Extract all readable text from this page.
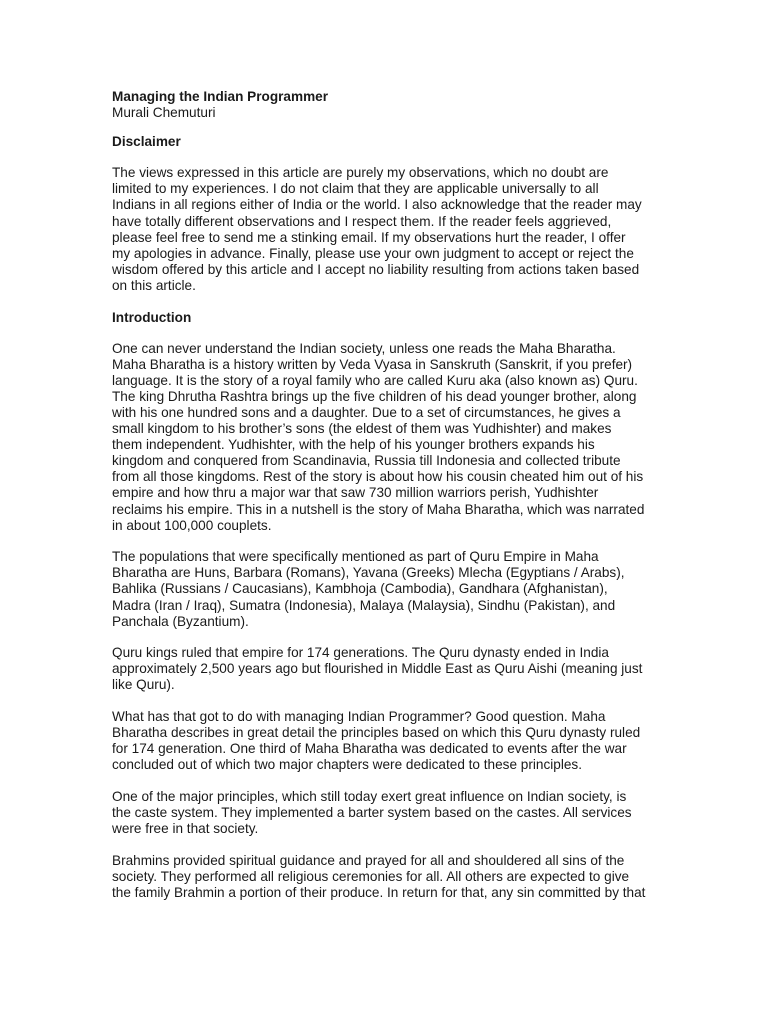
Managing the Indian Programmer
Murali Chemuturi
Disclaimer
The views expressed in this article are purely my observations, which no doubt are
limited to my experiences. I do not claim that they are applicable universally to all
Indians in all regions either of India or the world. I also acknowledge that the reader may
have totally different observations and I respect them. If the reader feels aggrieved,
please feel free to send me a stinking email. If my observations hurt the reader, I offer
my apologies in advance. Finally, please use your own judgment to accept or reject the
wisdom offered by this article and I accept no liability resulting from actions taken based
on this article.
Introduction
One can never understand the Indian society, unless one reads the Maha Bharatha.
Maha Bharatha is a history written by Veda Vyasa in Sanskruth (Sanskrit, if you prefer)
language. It is the story of a royal family who are called Kuru aka (also known as) Quru.
The king Dhrutha Rashtra brings up the five children of his dead younger brother, along
with his one hundred sons and a daughter. Due to a set of circumstances, he gives a
small kingdom to his brother’s sons (the eldest of them was Yudhishter) and makes
them independent. Yudhishter, with the help of his younger brothers expands his
kingdom and conquered from Scandinavia, Russia till Indonesia and collected tribute
from all those kingdoms. Rest of the story is about how his cousin cheated him out of his
empire and how thru a major war that saw 730 million warriors perish, Yudhishter
reclaims his empire. This in a nutshell is the story of Maha Bharatha, which was narrated
in about 100,000 couplets.
The populations that were specifically mentioned as part of Quru Empire in Maha
Bharatha are Huns, Barbara (Romans), Yavana (Greeks) Mlecha (Egyptians / Arabs),
Bahlika (Russians / Caucasians), Kambhoja (Cambodia), Gandhara (Afghanistan),
Madra (Iran / Iraq), Sumatra (Indonesia), Malaya (Malaysia), Sindhu (Pakistan), and
Panchala (Byzantium).
Quru kings ruled that empire for 174 generations. The Quru dynasty ended in India
approximately 2,500 years ago but flourished in Middle East as Quru Aishi (meaning just
like Quru).
What has that got to do with managing Indian Programmer? Good question. Maha
Bharatha describes in great detail the principles based on which this Quru dynasty ruled
for 174 generation. One third of Maha Bharatha was dedicated to events after the war
concluded out of which two major chapters were dedicated to these principles.
One of the major principles, which still today exert great influence on Indian society, is
the caste system. They implemented a barter system based on the castes. All services
were free in that society.
Brahmins provided spiritual guidance and prayed for all and shouldered all sins of the
society. They performed all religious ceremonies for all. All others are expected to give
the family Brahmin a portion of their produce. In return for that, any sin committed by that
